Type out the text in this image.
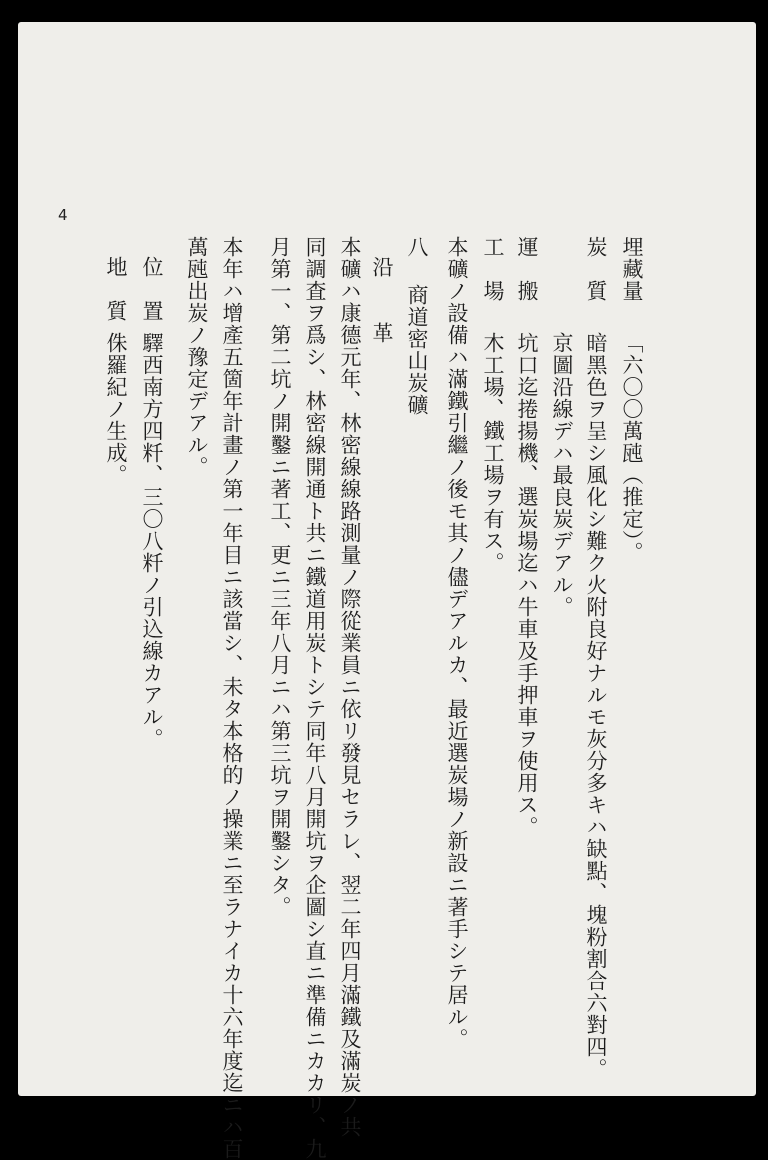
4
埋藏量
「六〇〇萬瓲（推定）。
炭　質
暗黑色ヲ呈シ風化シ難ク火附良好ナルモ灰分多キハ缺點、塊粉割合六對四。
京圖沿線デハ最良炭デアル。
運　搬
坑口迄捲揚機、選炭場迄ハ牛車及手押車ヲ使用ス。
工　場
木工場、鐵工場ヲ有ス。
本礦ノ設備ハ滿鐵引繼ノ後モ其ノ儘デアルカ、最近選炭場ノ新設ニ著手シテ居ル。
八
商道密山炭礦
沿　　革
本礦ハ康德元年、林密線線路測量ノ際從業員ニ依リ發見セラレ、翌二年四月滿鐵及滿炭ノ共
同調査ヲ爲シ、林密線開通ト共ニ鐵道用炭トシテ同年八月開坑ヲ企圖シ直ニ準備ニカカリ、九
月第一、第二坑ノ開鑿ニ著工、更ニ三年八月ニハ第三坑ヲ開鑿シタ。
本年ハ增產五箇年計畫ノ第一年目ニ該當シ、未タ本格的ノ操業ニ至ラナイカ十六年度迄ニハ百
萬瓲出炭ノ豫定デアル。
位　置
驛西南方四粁、三〇八粁ノ引込線カアル。
地　質
侏羅紀ノ生成。
